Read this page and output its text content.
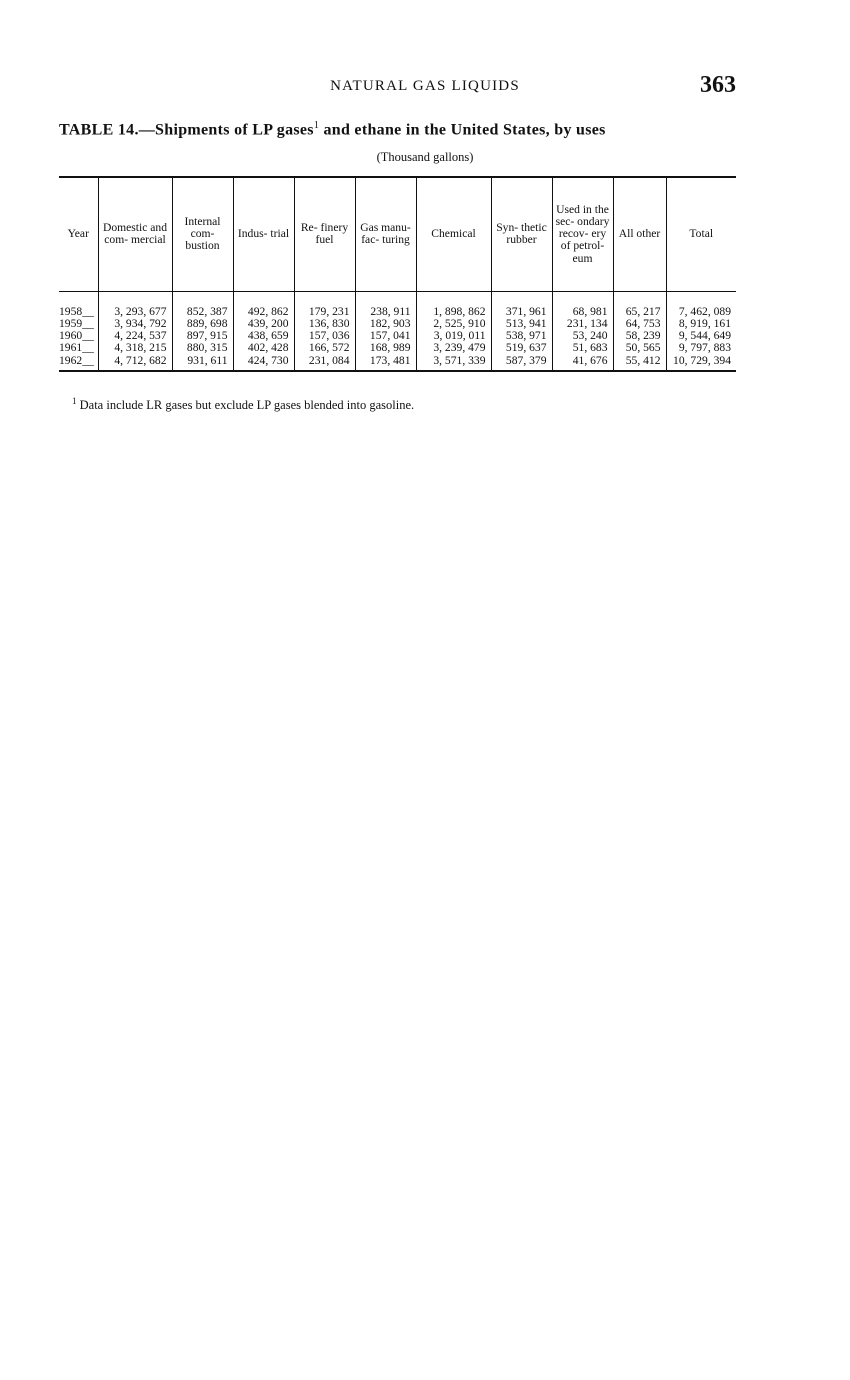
NATURAL GAS LIQUIDS	363
TABLE 14.—Shipments of LP gases$^1$ and ethane in the United States, by uses
(Thousand gallons)
Year	Domestic and com- mercial	Internal com- bustion	Indus- trial	Re- finery fuel	Gas manu- fac- turing	Chemical	Syn- thetic rubber	Used in the sec- ondary recov- ery of petrol- eum	All other	Total

1958__	3, 293, 677	852, 387	492, 862	179, 231	238, 911	1, 898, 862	371, 961	68, 981	65, 217	7, 462, 089
1959__	3, 934, 792	889, 698	439, 200	136, 830	182, 903	2, 525, 910	513, 941	231, 134	64, 753	8, 919, 161
1960__	4, 224, 537	897, 915	438, 659	157, 036	157, 041	3, 019, 011	538, 971	53, 240	58, 239	9, 544, 649
1961__	4, 318, 215	880, 315	402, 428	166, 572	168, 989	3, 239, 479	519, 637	51, 683	50, 565	9, 797, 883
1962__	4, 712, 682	931, 611	424, 730	231, 084	173, 481	3, 571, 339	587, 379	41, 676	55, 412	10, 729, 394
$^1$ Data include LR gases but exclude LP gases blended into gasoline.
